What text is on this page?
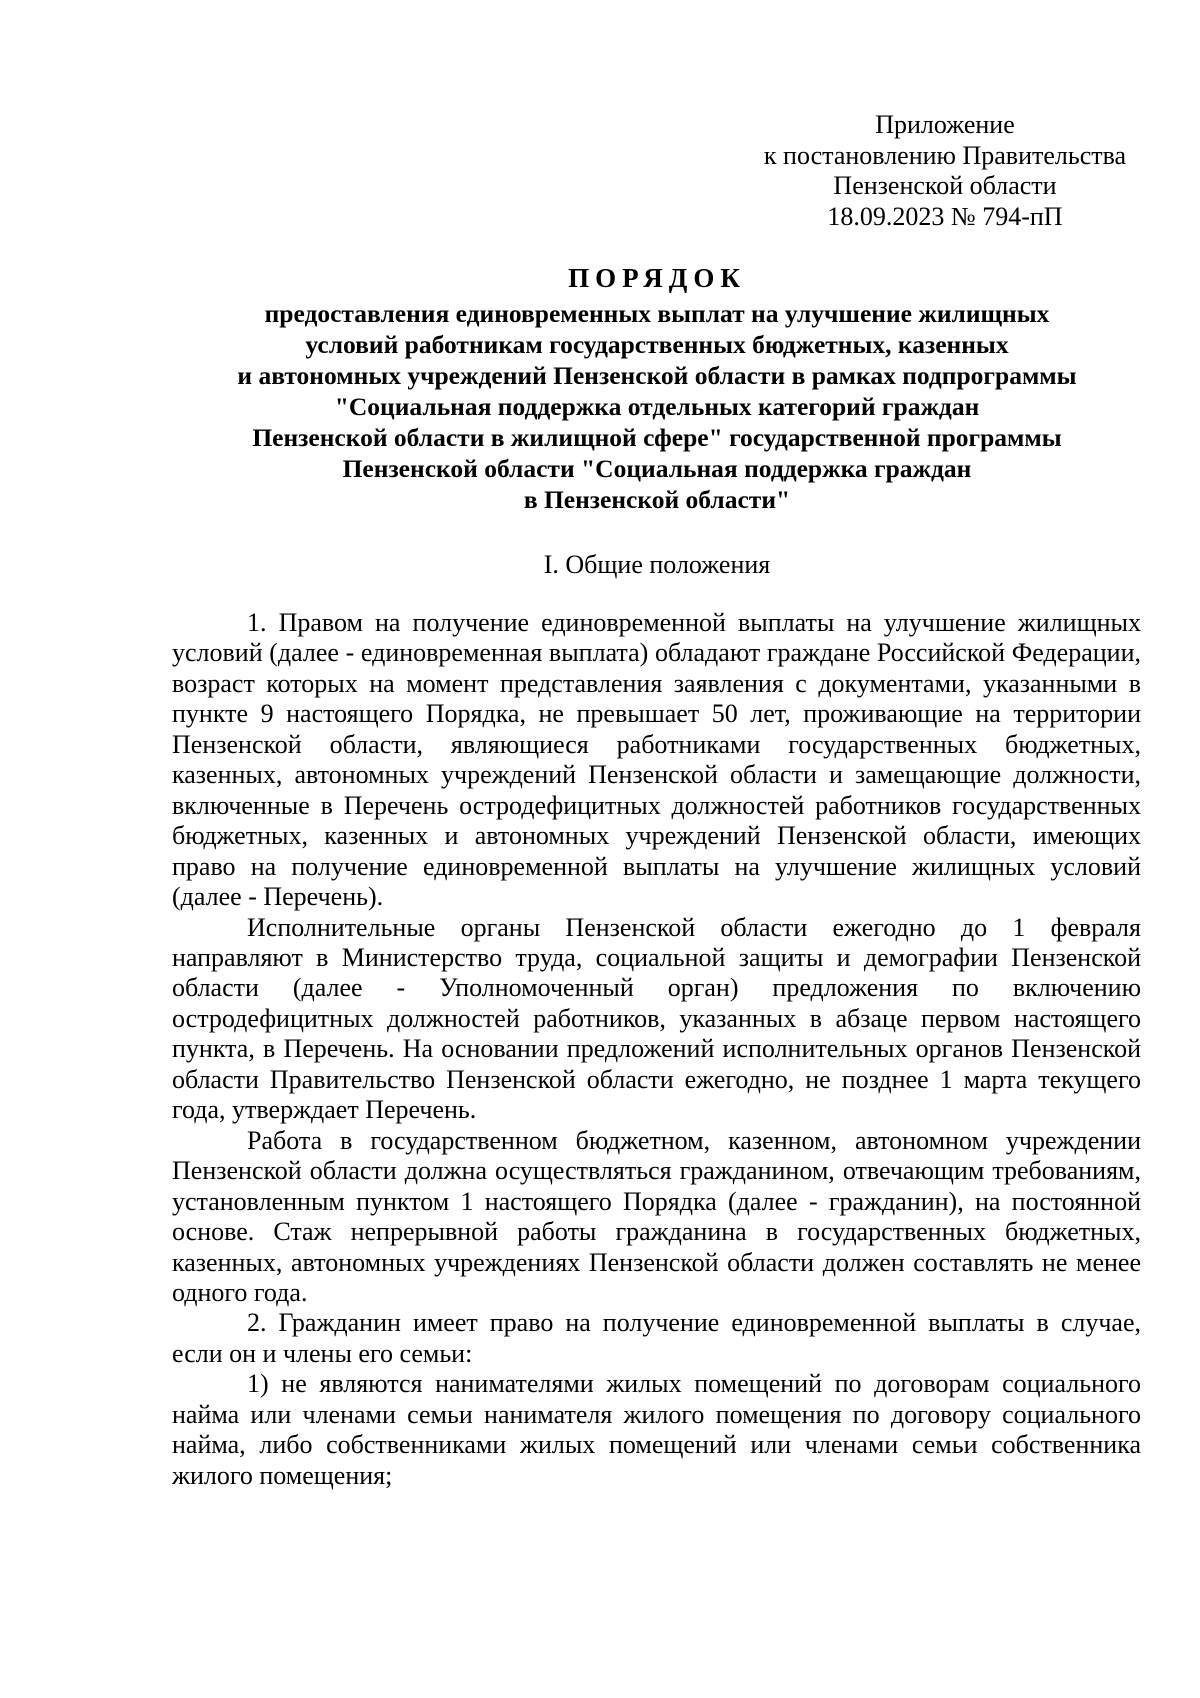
Приложение
к постановлению Правительства
Пензенской области
18.09.2023 № 794-пП
ПОРЯДОК
предоставления единовременных выплат на улучшение жилищных
условий работникам государственных бюджетных, казенных
и автономных учреждений Пензенской области в рамках подпрограммы
"Социальная поддержка отдельных категорий граждан
Пензенской области в жилищной сфере" государственной программы
Пензенской области "Социальная поддержка граждан
в Пензенской области"
I. Общие положения

1. Правом на получение единовременной выплаты на улучшение жилищных условий (далее - единовременная выплата) обладают граждане Российской Федерации, возраст которых на момент представления заявления с документами, указанными в пункте 9 настоящего Порядка, не превышает 50 лет, проживающие на территории Пензенской области, являющиеся работниками государственных бюджетных, казенных, автономных учреждений Пензенской области и замещающие должности, включенные в Перечень остродефицитных должностей работников государственных бюджетных, казенных и автономных учреждений Пензенской области, имеющих право на получение единовременной выплаты на улучшение жилищных условий (далее - Перечень).

Исполнительные органы Пензенской области ежегодно до 1 февраля направляют в Министерство труда, социальной защиты и демографии Пензенской области (далее - Уполномоченный орган) предложения по включению остродефицитных должностей работников, указанных в абзаце первом настоящего пункта, в Перечень. На основании предложений исполнительных органов Пензенской области Правительство Пензенской области ежегодно, не позднее 1 марта текущего года, утверждает Перечень.

Работа в государственном бюджетном, казенном, автономном учреждении Пензенской области должна осуществляться гражданином, отвечающим требованиям, установленным пунктом 1 настоящего Порядка (далее - гражданин), на постоянной основе. Стаж непрерывной работы гражданина в государственных бюджетных, казенных, автономных учреждениях Пензенской области должен составлять не менее одного года.

2. Гражданин имеет право на получение единовременной выплаты в случае, если он и члены его семьи:

1) не являются нанимателями жилых помещений по договорам социального найма или членами семьи нанимателя жилого помещения по договору социального найма, либо собственниками жилых помещений или членами семьи собственника жилого помещения;
